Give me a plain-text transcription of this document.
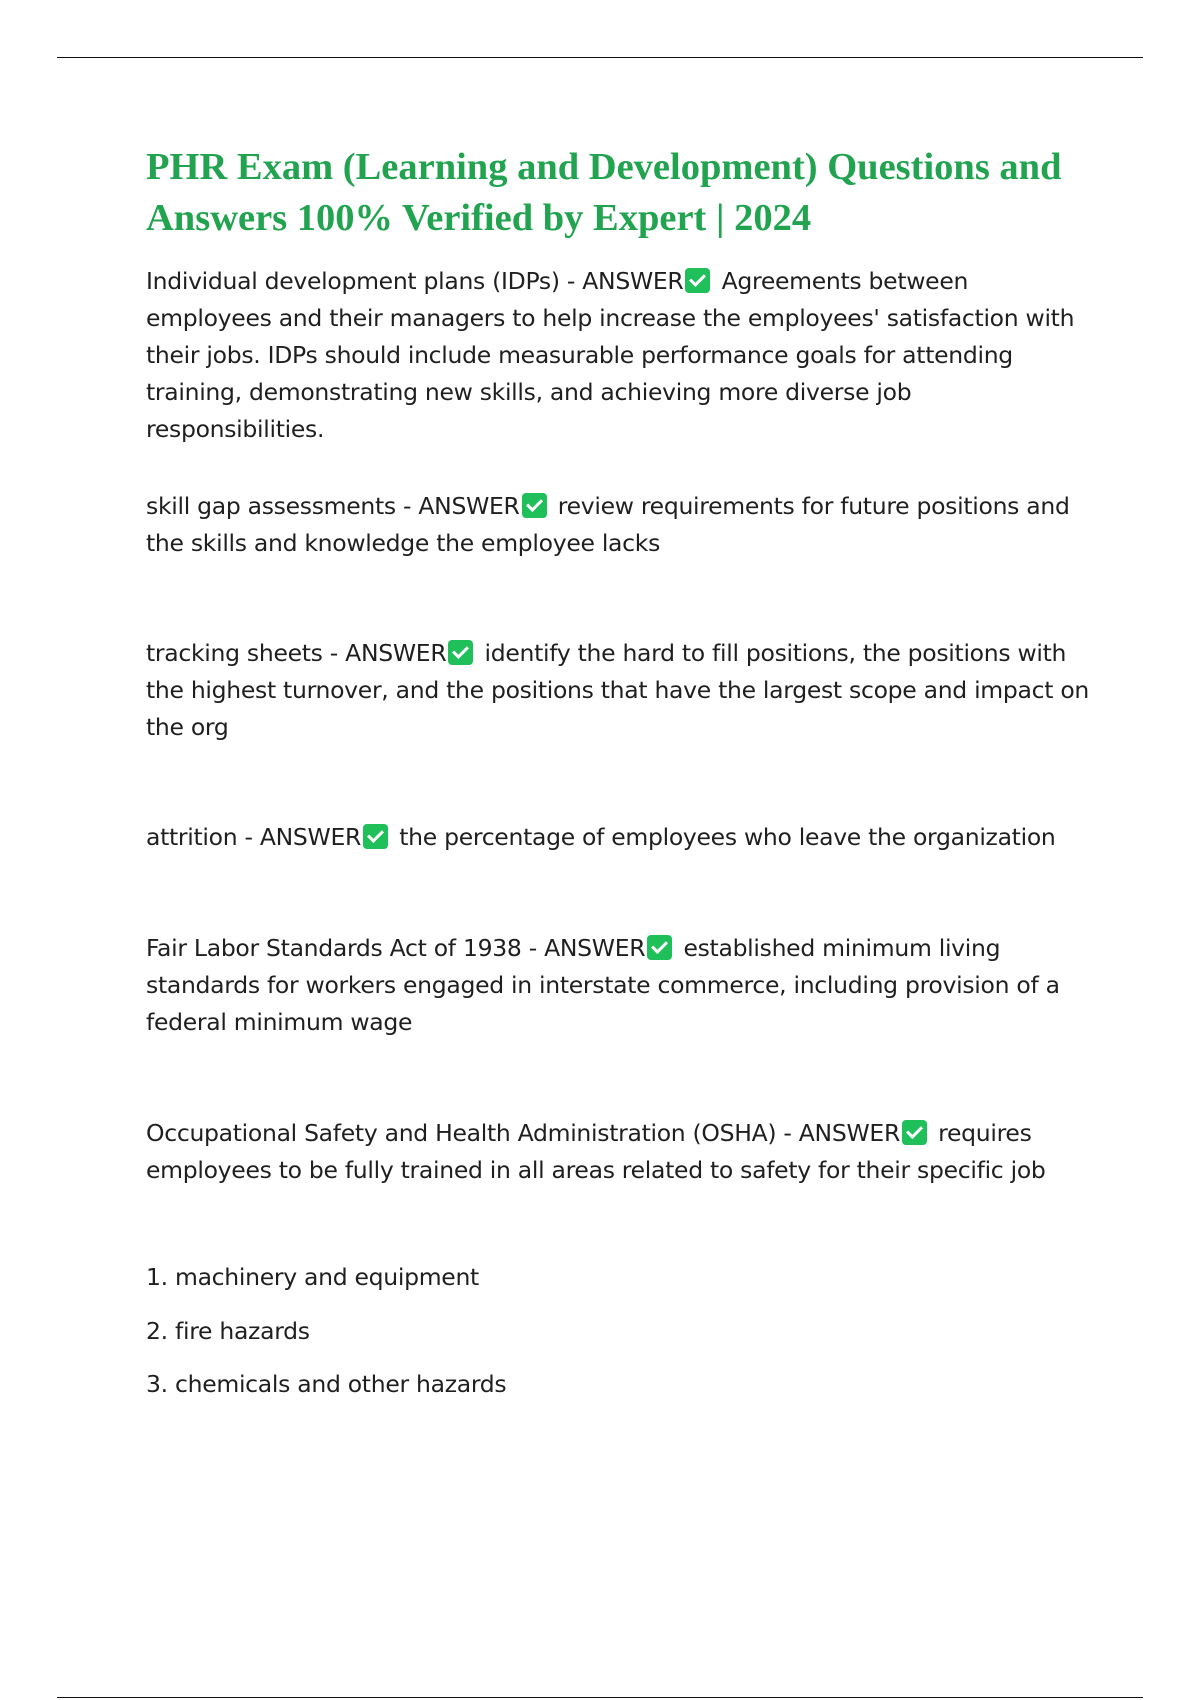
PHR Exam (Learning and Development) Questions and Answers 100% Verified by Expert | 2024
Individual development plans (IDPs) - ANSWER Agreements between employees and their managers to help increase the employees' satisfaction with their jobs. IDPs should include measurable performance goals for attending training, demonstrating new skills, and achieving more diverse job responsibilities.
skill gap assessments - ANSWER review requirements for future positions and the skills and knowledge the employee lacks
tracking sheets - ANSWER identify the hard to fill positions, the positions with the highest turnover, and the positions that have the largest scope and impact on the org
attrition - ANSWER the percentage of employees who leave the organization
Fair Labor Standards Act of 1938 - ANSWER established minimum living standards for workers engaged in interstate commerce, including provision of a federal minimum wage
Occupational Safety and Health Administration (OSHA) - ANSWER requires employees to be fully trained in all areas related to safety for their specific job
1. machinery and equipment
2. fire hazards
3. chemicals and other hazards
